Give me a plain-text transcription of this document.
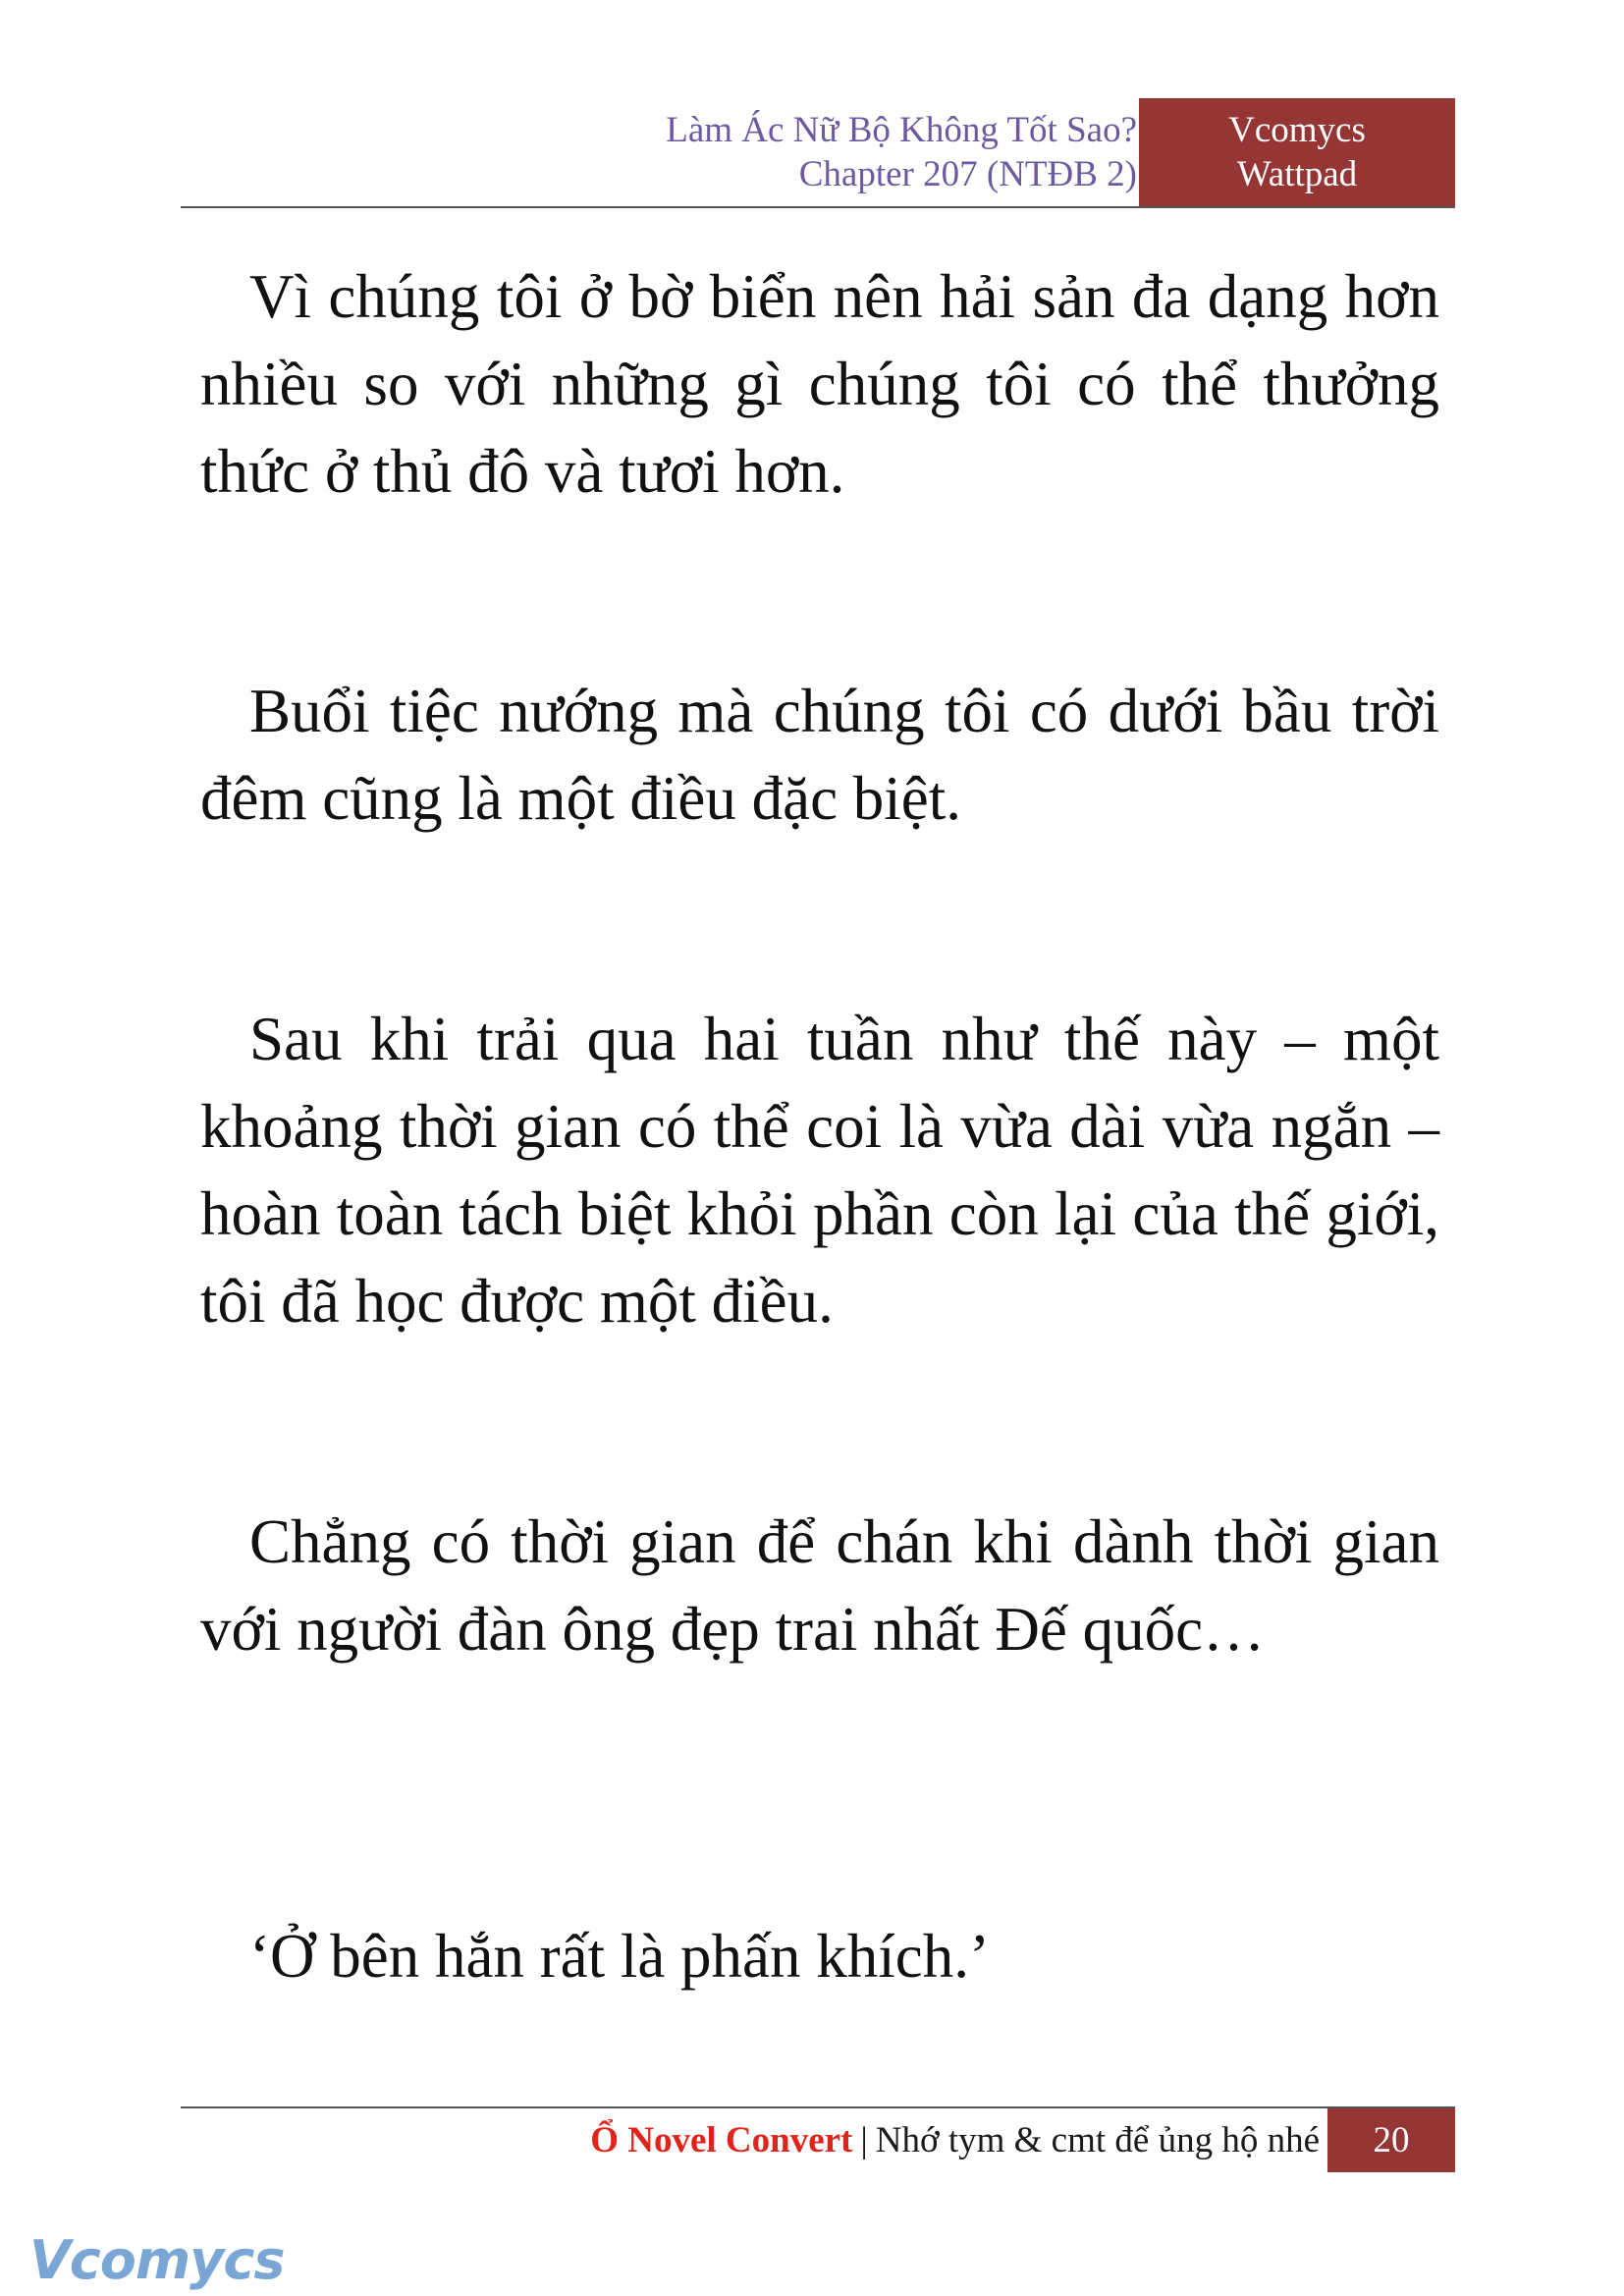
Làm Ác Nữ Bộ Không Tốt Sao?
Chapter 207 (NTĐB 2)
Vcomycs
Wattpad

Vì chúng tôi ở bờ biển nên hải sản đa dạng hơn nhiều so với những gì chúng tôi có thể thưởng thức ở thủ đô và tươi hơn.

Buổi tiệc nướng mà chúng tôi có dưới bầu trời đêm cũng là một điều đặc biệt.

Sau khi trải qua hai tuần như thế này – một khoảng thời gian có thể coi là vừa dài vừa ngắn – hoàn toàn tách biệt khỏi phần còn lại của thế giới, tôi đã học được một điều.

Chẳng có thời gian để chán khi dành thời gian với người đàn ông đẹp trai nhất Đế quốc…

‘Ở bên hắn rất là phấn khích.’

Ổ Novel Convert | Nhớ tym & cmt để ủng hộ nhé	20
Vcomycs
